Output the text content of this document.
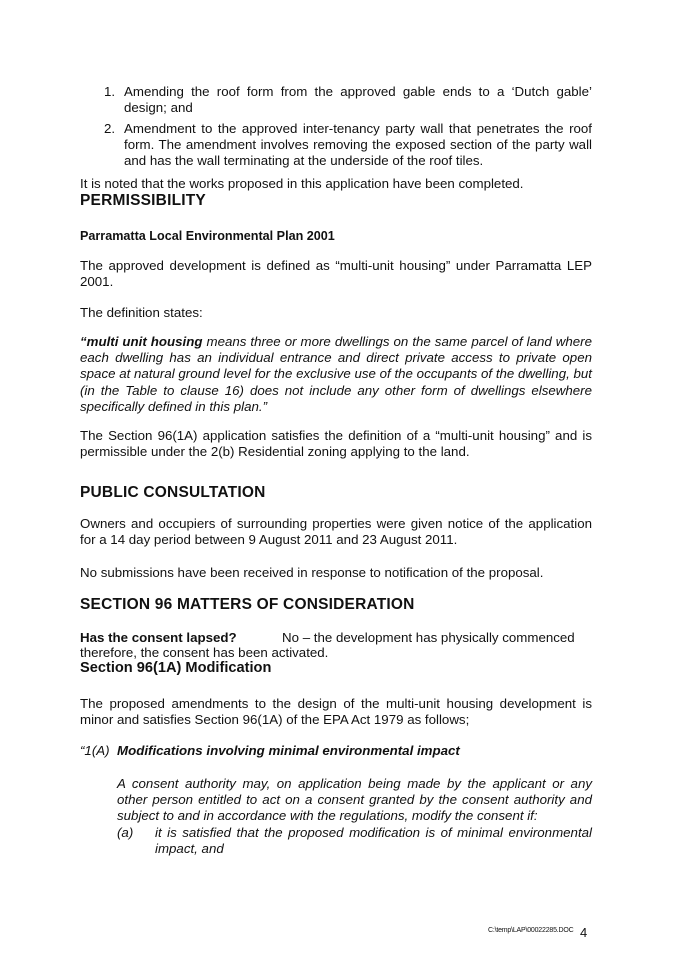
1. Amending the roof form from the approved gable ends to a ‘Dutch gable’ design; and
2. Amendment to the approved inter-tenancy party wall that penetrates the roof form. The amendment involves removing the exposed section of the party wall and has the wall terminating at the underside of the roof tiles.
It is noted that the works proposed in this application have been completed.
PERMISSIBILITY
Parramatta Local Environmental Plan 2001
The approved development is defined as “multi-unit housing” under Parramatta LEP 2001.
The definition states:
“multi unit housing means three or more dwellings on the same parcel of land where each dwelling has an individual entrance and direct private access to private open space at natural ground level for the exclusive use of the occupants of the dwelling, but (in the Table to clause 16) does not include any other form of dwellings elsewhere specifically defined in this plan.”
The Section 96(1A) application satisfies the definition of a “multi-unit housing” and is permissible under the 2(b) Residential zoning applying to the land.
PUBLIC CONSULTATION
Owners and occupiers of surrounding properties were given notice of the application for a 14 day period between 9 August 2011 and 23 August 2011.
No submissions have been received in response to notification of the proposal.
SECTION 96 MATTERS OF CONSIDERATION
Has the consent lapsed?	No – the development has physically commenced
therefore, the consent has been activated.
Section 96(1A) Modification
The proposed amendments to the design of the multi-unit housing development is minor and satisfies Section 96(1A) of the EPA Act 1979 as follows;
“1(A) Modifications involving minimal environmental impact
A consent authority may, on application being made by the applicant or any other person entitled to act on a consent granted by the consent authority and subject to and in accordance with the regulations, modify the consent if:
(a) it is satisfied that the proposed modification is of minimal environmental impact, and
C:\temp\LAP\00022285.DOC 4
